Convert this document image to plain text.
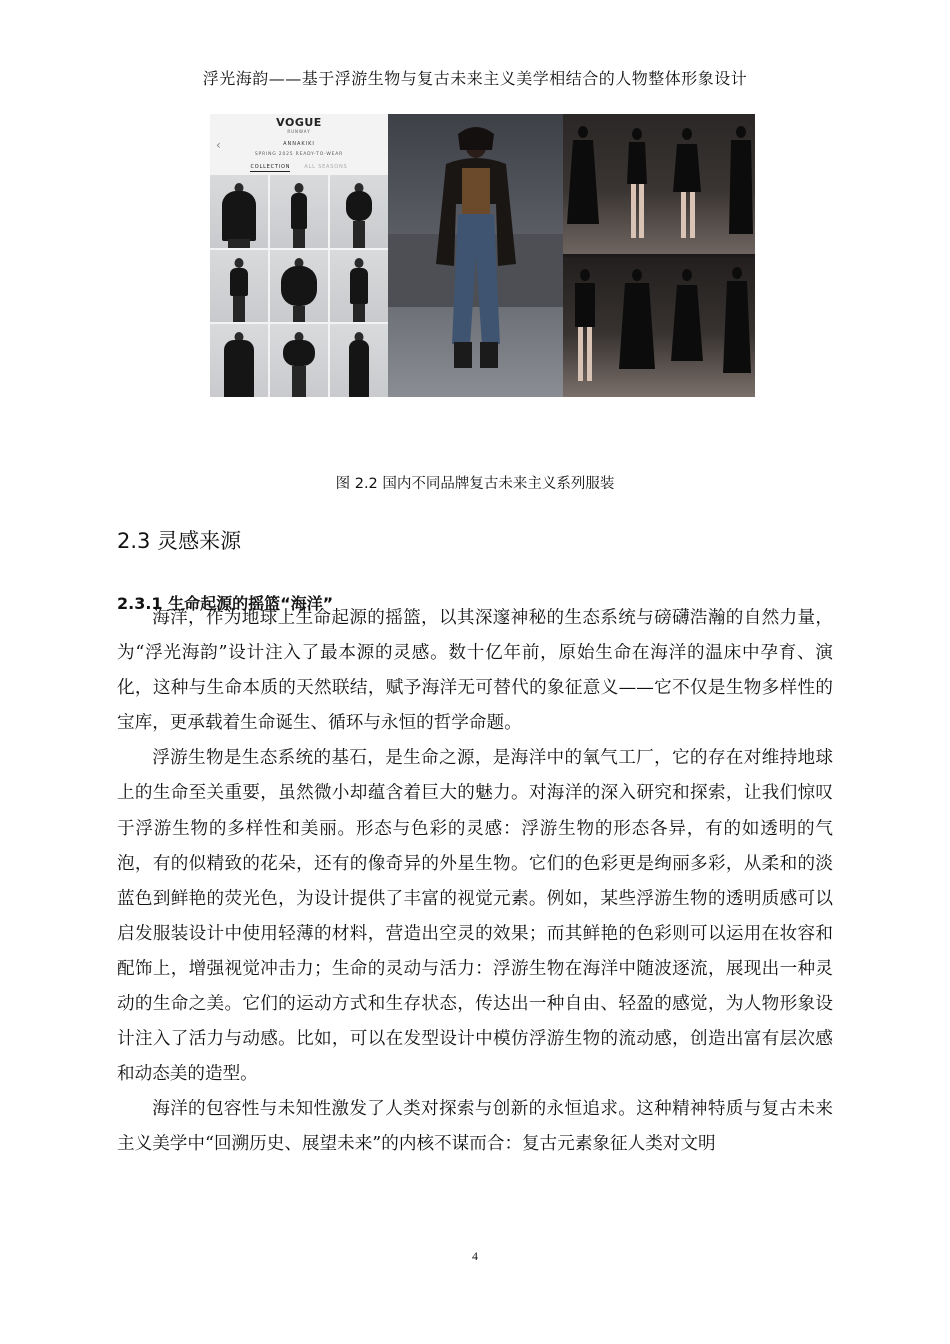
浮光海韵——基于浮游生物与复古未来主义美学相结合的人物整体形象设计
VOGUE
RUNWAY
‹	ANNAKIKI
SPRING 2025 READY-TO-WEAR
COLLECTION	ALL SEASONS
图 2.2 国内不同品牌复古未来主义系列服装
2.3 灵感来源
2.3.1 生命起源的摇篮“海洋”

海洋，作为地球上生命起源的摇篮，以其深邃神秘的生态系统与磅礴浩瀚的自然力量，为“浮光海韵”设计注入了最本源的灵感。数十亿年前，原始生命在海洋的温床中孕育、演化，这种与生命本质的天然联结，赋予海洋无可替代的象征意义——它不仅是生物多样性的宝库，更承载着生命诞生、循环与永恒的哲学命题。

浮游生物是生态系统的基石，是生命之源，是海洋中的氧气工厂，它的存在对维持地球上的生命至关重要，虽然微小却蕴含着巨大的魅力。对海洋的深入研究和探索，让我们惊叹于浮游生物的多样性和美丽。形态与色彩的灵感：浮游生物的形态各异，有的如透明的气泡，有的似精致的花朵，还有的像奇异的外星生物。它们的色彩更是绚丽多彩，从柔和的淡蓝色到鲜艳的荧光色，为设计提供了丰富的视觉元素。例如，某些浮游生物的透明质感可以启发服装设计中使用轻薄的材料，营造出空灵的效果；而其鲜艳的色彩则可以运用在妆容和配饰上，增强视觉冲击力；生命的灵动与活力：浮游生物在海洋中随波逐流，展现出一种灵动的生命之美。它们的运动方式和生存状态，传达出一种自由、轻盈的感觉，为人物形象设计注入了活力与动感。比如，可以在发型设计中模仿浮游生物的流动感，创造出富有层次感和动态美的造型。

海洋的包容性与未知性激发了人类对探索与创新的永恒追求。这种精神特质与复古未来主义美学中“回溯历史、展望未来”的内核不谋而合：复古元素象征人类对文明

4
